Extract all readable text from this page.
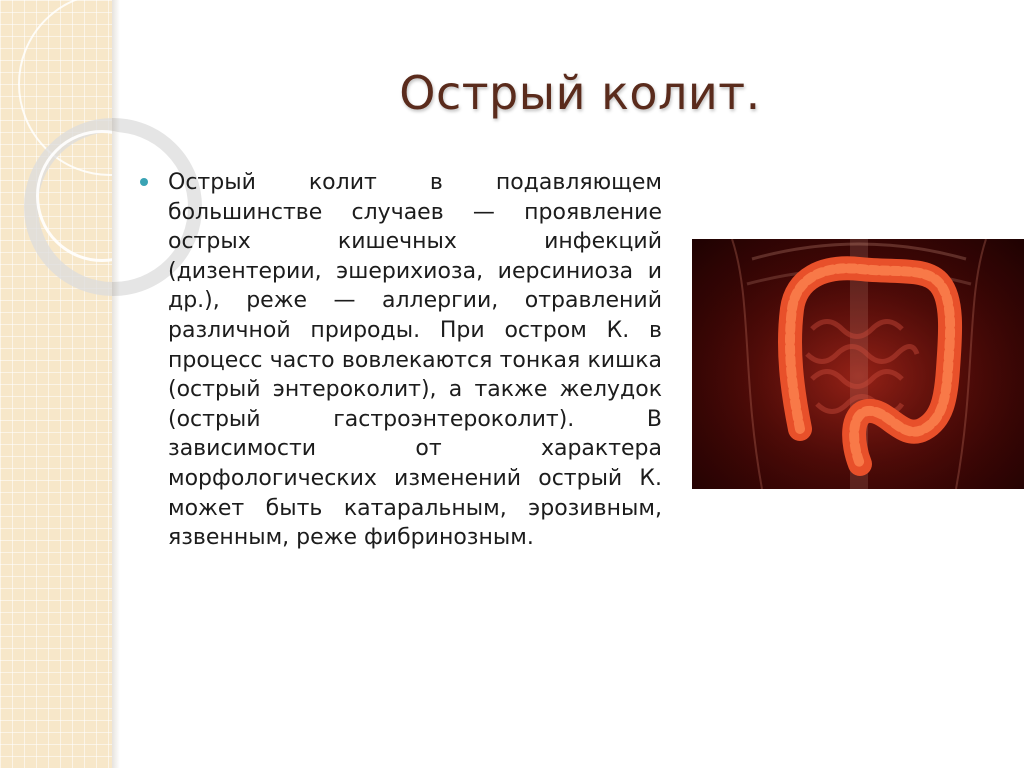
Острый колит.

Острый колит в подавляющем большинстве случаев — проявление острых кишечных инфекций (дизентерии, эшерихиоза, иерсиниоза и др.), реже — аллергии, отравлений различной природы. При остром К. в процесс часто вовлекаются тонкая кишка (острый энтероколит), а также желудок (острый гастроэнтероколит). В зависимости от характера морфологических изменений острый К. может быть катаральным, эрозивным, язвенным, реже фибринозным.
